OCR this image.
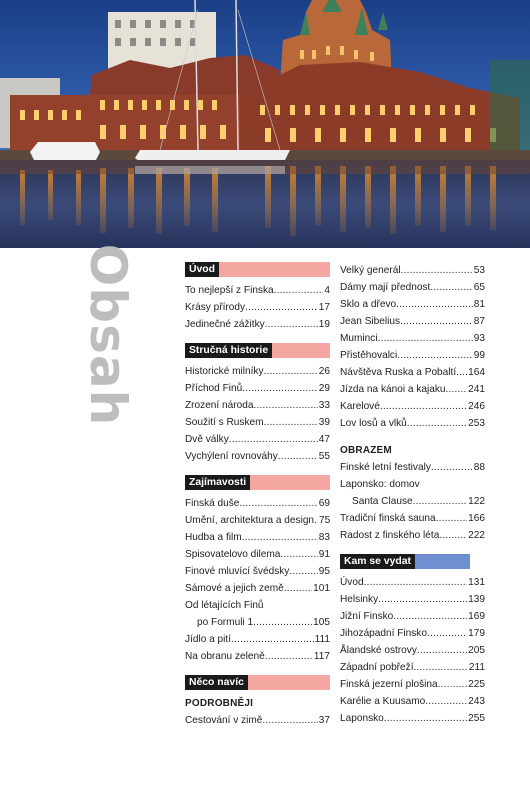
Obsah	Úvod
To nejlepší z Finska .....	4
Krásy přírody .....	17
Jedinečné zážitky .....	19
Stručná historie
Historické milníky .....	26
Příchod Finů .....	29
Zrození národa .....	33
Soužití s Ruskem .....	39
Dvě války .....	47
Vychýlení rovnováhy .....	55
Zajímavosti
Finská duše .....	69
Umění, architektura a design ..... 75
Hudba a film .....	83
Spisovatelovo dilema .....	91
Finové mluvící švédsky .....	95
Sámové a jejich země .....	101
Od létajících Finů
po Formuli 1 .....	105
Jídlo a pití .....	111
Na obranu zeleně .....	117
Něco navíc
PODROBNĚJI
Cestování v zimě .....	37
Velký generál .....	53
Dámy mají přednost .....	65
Sklo a dřevo .....	81
Jean Sibelius .....	87
Muminci .....	93
Přistěhovalci .....	99
Návštěva Ruska a Pobaltí ..... 164
Jízda na kánoi a kajaku ..... 241
Karelové .....	246
Lov losů a vlků .....	253
OBRAZEM
Finské letní festivaly .....	88
Laponsko: domov
Santa Clause .....	122
Tradiční finská sauna .....	166
Radost z finského léta .....	222
Kam se vydat
Úvod .....	131
Helsinky .....	139
Jižní Finsko .....	169
Jihozápadní Finsko .....	179
Ålandské ostrovy .....	205
Západní pobřeží .....	211
Finská jezerní plošina .....	225
Karélie a Kuusamo .....	243
Laponsko .....	255
